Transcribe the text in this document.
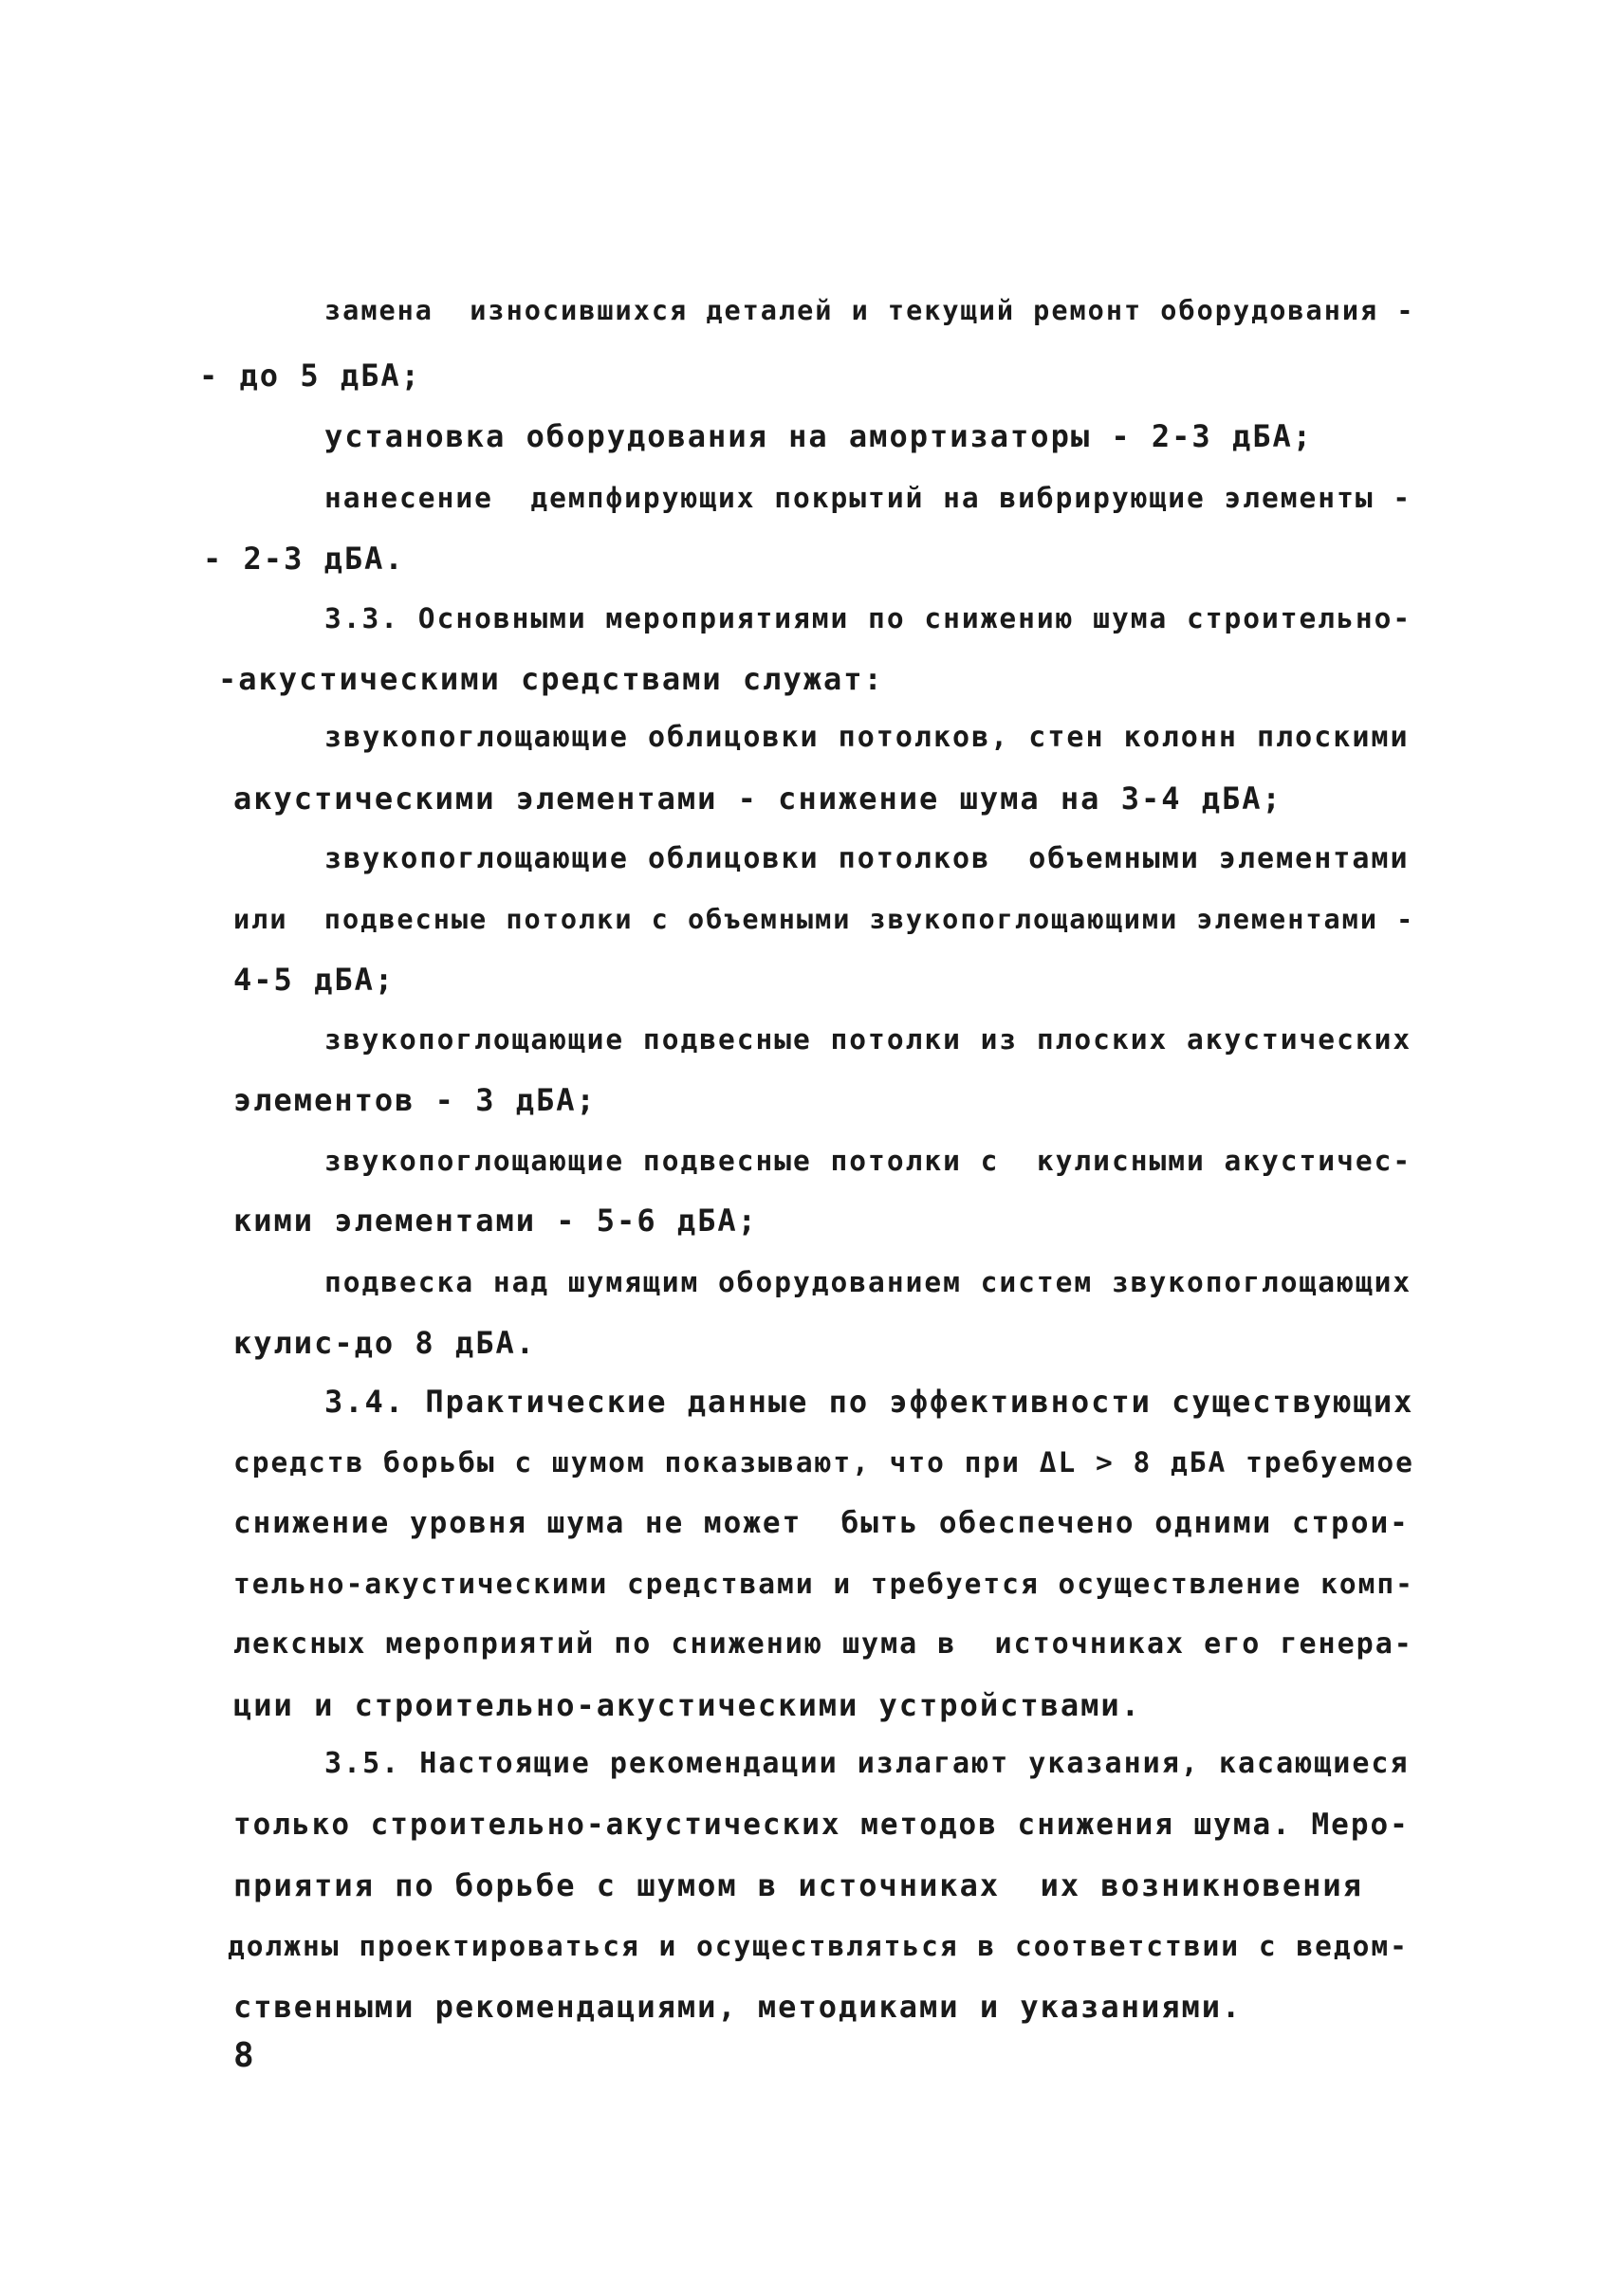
замена  изнocившихся деталей и текущий ремонт оборудования -

- до 5 дБА;

установка оборудования на амортизаторы - 2-3 дБА;

нанесение  демпфирующих покрытий на вибрирующие элементы -

- 2-3 дБА.

3.3. Основными мероприятиями по снижению шума строительно-

-акустическими средствами служат:

звукопоглощающие облицовки потолков, стен колонн плоскими

акустическими элементами - снижение шума на 3-4 дБА;

звукопоглощающие облицовки потолков  объемными элементами

или  подвесные потолки с объемными звукопоглощающими элементами -

4-5 дБА;

звукопоглощающие подвесные потолки из плоских акустических

элементов - 3 дБА;

звукопоглощающие подвесные потолки с  кулисными акустичес-

кими элементами - 5-6 дБА;

подвеска над шумящим оборудованием систем звукопоглощающих

кулис-до 8 дБА.

3.4. Практические данные по эффективности существующих

средств борьбы с шумом показывают, что при ΔL > 8 дБА требуемое

снижение уровня шума не может  быть обеспечено одними строи-

тельно-акустическими средствами и требуется осуществление комп-

лексных мероприятий по снижению шума в  источниках его генера-

ции и строительно-акустическими устройствами.

3.5. Настоящие рекомендации излагают указания, касающиеся

только строительно-акустических методов снижения шума. Меро-

приятия по борьбе с шумом в источниках  их возникновения

должны проектироваться и осуществляться в соответствии с ведом-

ственными рекомендациями, методиками и указаниями.

8
